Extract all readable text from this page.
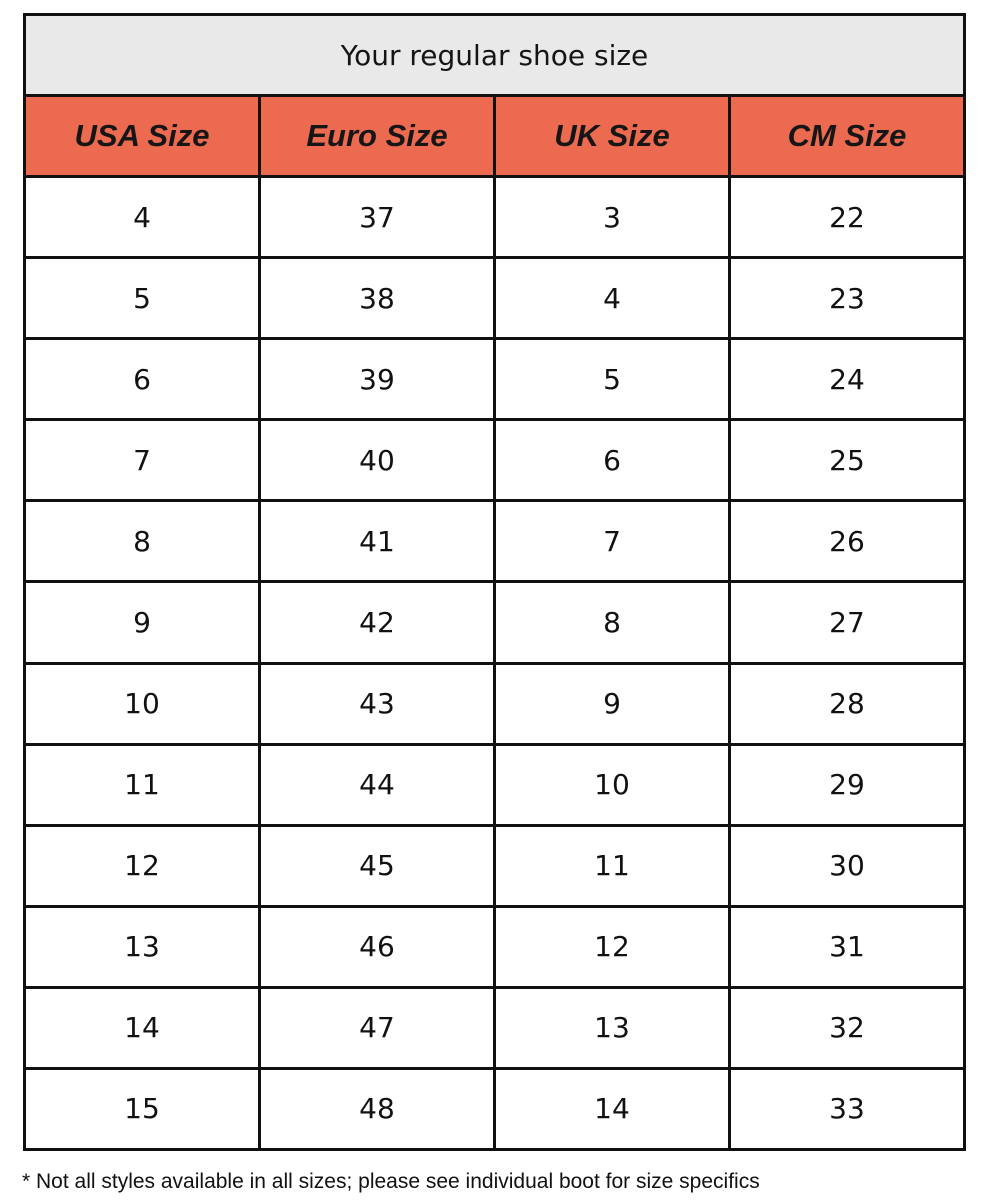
Your regular shoe size
USA Size	Euro Size	UK Size	CM Size
4	37	3	22
5	38	4	23
6	39	5	24
7	40	6	25
8	41	7	26
9	42	8	27
10	43	9	28
11	44	10	29
12	45	11	30
13	46	12	31
14	47	13	32
15	48	14	33
* Not all styles available in all sizes; please see individual boot for size specifics
